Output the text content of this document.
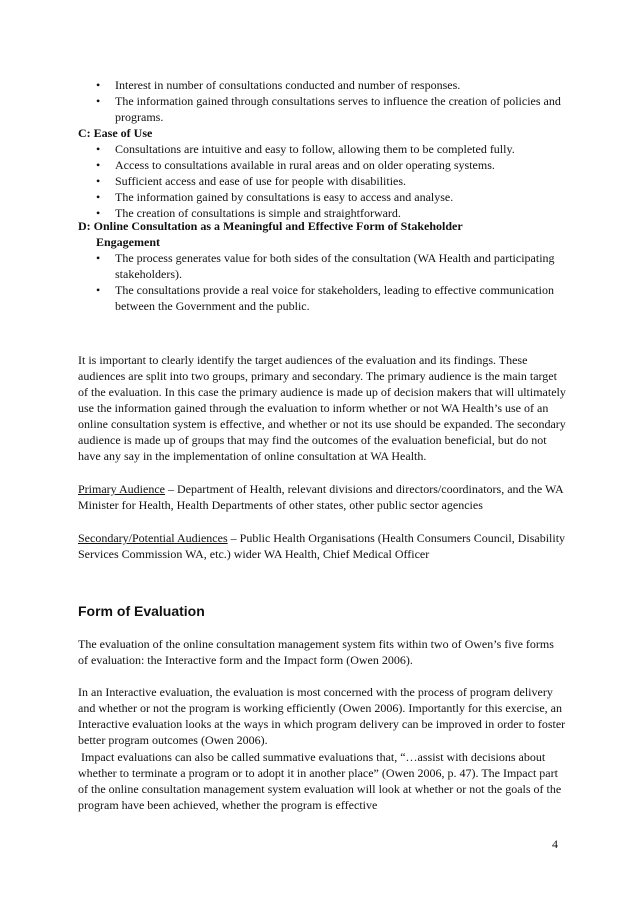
• Interest in number of consultations conducted and number of responses.
• The information gained through consultations serves to influence the creation of policies and programs.
C: Ease of Use
• Consultations are intuitive and easy to follow, allowing them to be completed fully.
• Access to consultations available in rural areas and on older operating systems.
• Sufficient access and ease of use for people with disabilities.
• The information gained by consultations is easy to access and analyse.
• The creation of consultations is simple and straightforward.
D: Online Consultation as a Meaningful and Effective Form of Stakeholder
Engagement
• The process generates value for both sides of the consultation (WA Health and participating stakeholders).
• The consultations provide a real voice for stakeholders, leading to effective communication between the Government and the public.
It is important to clearly identify the target audiences of the evaluation and its findings. These audiences are split into two groups, primary and secondary. The primary audience is the main target of the evaluation. In this case the primary audience is made up of decision makers that will ultimately use the information gained through the evaluation to inform whether or not WA Health’s use of an online consultation system is effective, and whether or not its use should be expanded. The secondary audience is made up of groups that may find the outcomes of the evaluation beneficial, but do not have any say in the implementation of online consultation at WA Health.
Primary Audience – Department of Health, relevant divisions and directors/coordinators, and the WA Minister for Health, Health Departments of other states, other public sector agencies
Secondary/Potential Audiences – Public Health Organisations (Health Consumers Council, Disability Services Commission WA, etc.) wider WA Health, Chief Medical Officer
Form of Evaluation
The evaluation of the online consultation management system fits within two of Owen’s five forms of evaluation: the Interactive form and the Impact form (Owen 2006).
In an Interactive evaluation, the evaluation is most concerned with the process of program delivery and whether or not the program is working efficiently (Owen 2006). Importantly for this exercise, an Interactive evaluation looks at the ways in which program delivery can be improved in order to foster better program outcomes (Owen 2006).
Impact evaluations can also be called summative evaluations that, “…assist with decisions about whether to terminate a program or to adopt it in another place” (Owen 2006, p. 47). The Impact part of the online consultation management system evaluation will look at whether or not the goals of the program have been achieved, whether the program is effective
4
